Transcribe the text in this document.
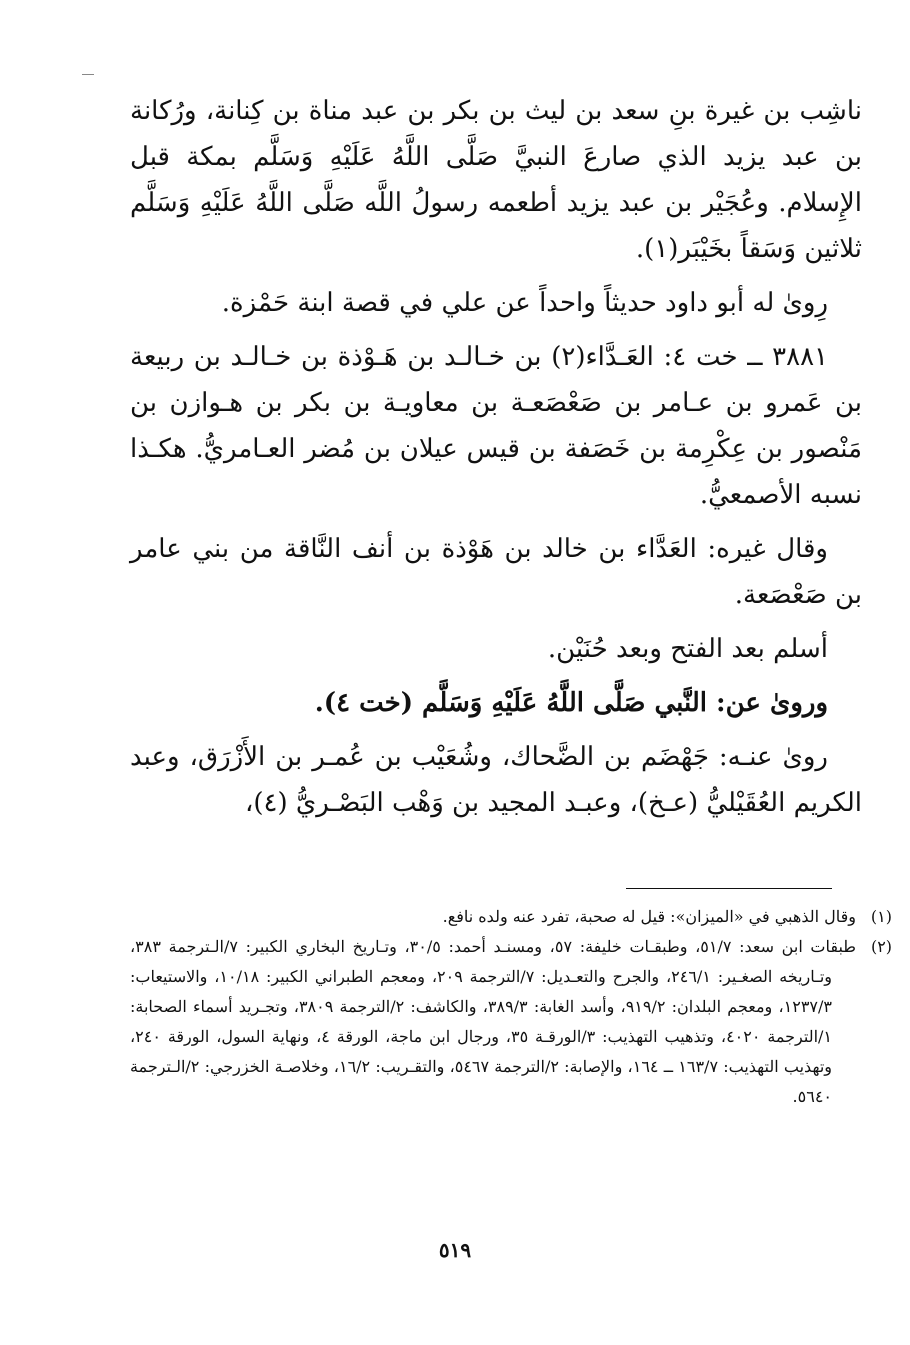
ناشِب بن غيرة بنِ سعد بن ليث بن بكر بن عبد مناة بن كِنانة، ورُكانة بن عبد يزيد الذي صارعَ النبيَّ صَلَّى اللَّهُ عَلَيْهِ وَسَلَّم بمكة قبل الإِسلام. وعُجَيْر بن عبد يزيد أطعمه رسولُ اللَّه صَلَّى اللَّهُ عَلَيْهِ وَسَلَّم ثلاثين وَسَقاً بخَيْبَر(١).

رِوىٰ له أبو داود حديثاً واحداً عن علي في قصة ابنة حَمْزة.

٣٨٨١ ــ خت ٤: العَـدَّاء(٢) بن خـالـد بن هَـوْذة بن خـالـد بن ربيعة بن عَمرو بن عـامر بن صَعْصَعـة بن معاويـة بن بكر بن هـوازن بن مَنْصور بن عِكْرِمة بن خَصَفة بن قيس عيلان بن مُضر العـامريُّ. هكـذا نسبه الأصمعيُّ.

وقال غيره: العَدَّاء بن خالد بن هَوْذة بن أنف النَّاقة من بني عامر بن صَعْصَعة.

أسلم بعد الفتح وبعد حُنَيْن.

وروىٰ عن: النَّبي صَلَّى اللَّهُ عَلَيْهِ وَسَلَّم (خت ٤).

روىٰ عنـه: جَهْضَم بن الضَّحاك، وشُعَيْب بن عُمـر بن الأَزْرَق، وعبد الكريم العُقَيْليُّ (عـخ)، وعبـد المجيد بن وَهْب البَصْـريُّ (٤)،

(١)وقال الذهبي في «الميزان»: قيل له صحبة، تفرد عنه ولده نافع.

(٢)طبقات ابن سعد: ٥١/٧، وطبقـات خليفة: ٥٧، ومسنـد أحمد: ٣٠/٥، وتـاريخ البخاري الكبير: ٧/الـترجمة ٣٨٣، وتـاريخه الصغـير: ٢٤٦/١، والجرح والتعـديل: ٧/الترجمة ٢٠٩، ومعجم الطبراني الكبير: ١٠/١٨، والاستيعاب: ١٢٣٧/٣، ومعجم البلدان: ٩١٩/٢، وأسد الغابة: ٣٨٩/٣، والكاشف: ٢/الترجمة ٣٨٠٩، وتجـريد أسماء الصحابة: ١/الترجمة ٤٠٢٠، وتذهيب التهذيب: ٣/الورقـة ٣٥، ورجال ابن ماجة، الورقة ٤، ونهاية السول، الورقة ٢٤٠، وتهذيب التهذيب: ١٦٣/٧ ــ ١٦٤، والإصابة: ٢/الترجمة ٥٤٦٧، والتقـريب: ١٦/٢، وخلاصـة الخزرجي: ٢/الـترجمة ٥٦٤٠.

٥١٩
